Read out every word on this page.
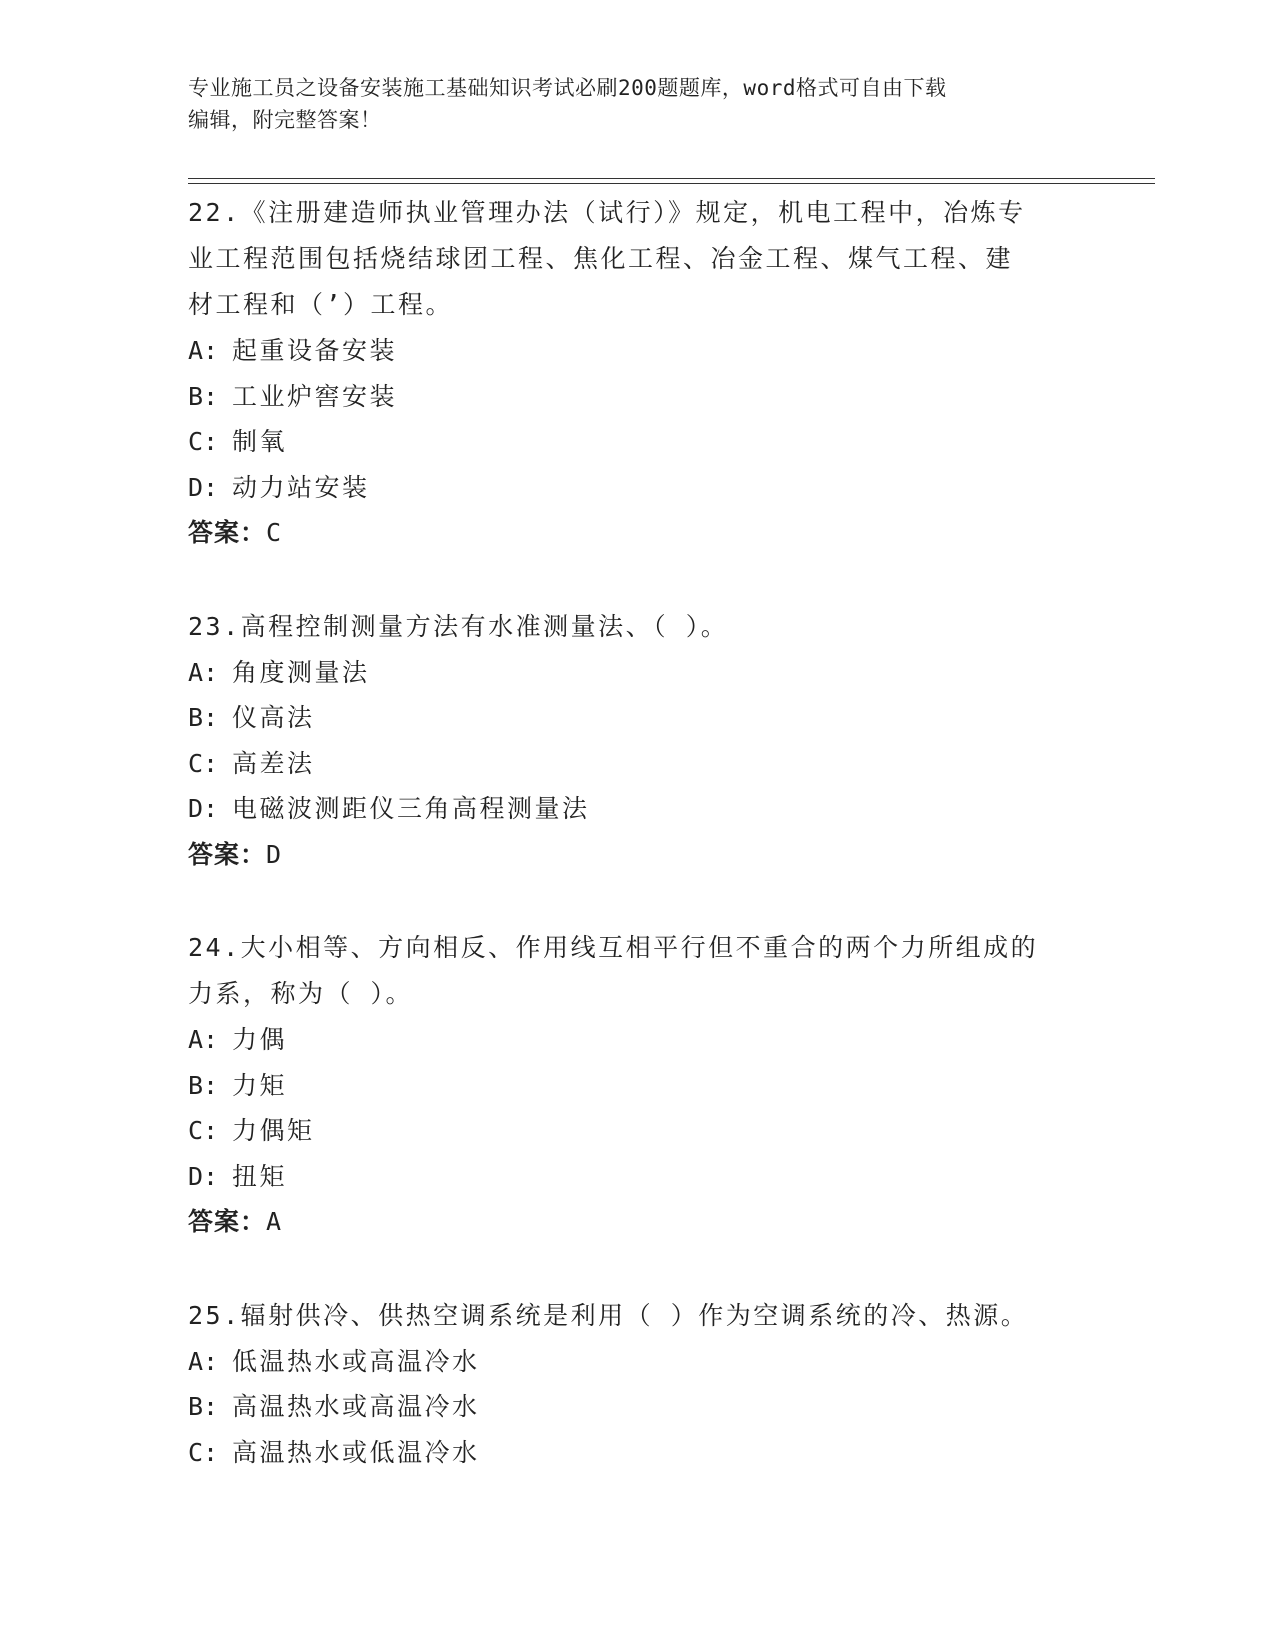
专业施工员之设备安装施工基础知识考试必刷200题题库，word格式可自由下载
编辑，附完整答案！
22.《注册建造师执业管理办法（试行）》规定，机电工程中，冶炼专
业工程范围包括烧结球团工程、焦化工程、冶金工程、煤气工程、建
材工程和（’）工程。
A: 起重设备安装
B: 工业炉窖安装
C: 制氧
D: 动力站安装
答案：C
23.高程控制测量方法有水准测量法、（ ）。
A: 角度测量法
B: 仪高法
C: 高差法
D: 电磁波测距仪三角高程测量法
答案：D
24.大小相等、方向相反、作用线互相平行但不重合的两个力所组成的
力系，称为（ ）。
A: 力偶
B: 力矩
C: 力偶矩
D: 扭矩
答案：A
25.辐射供冷、供热空调系统是利用（ ）作为空调系统的冷、热源。
A: 低温热水或高温冷水
B: 高温热水或高温冷水
C: 高温热水或低温冷水
